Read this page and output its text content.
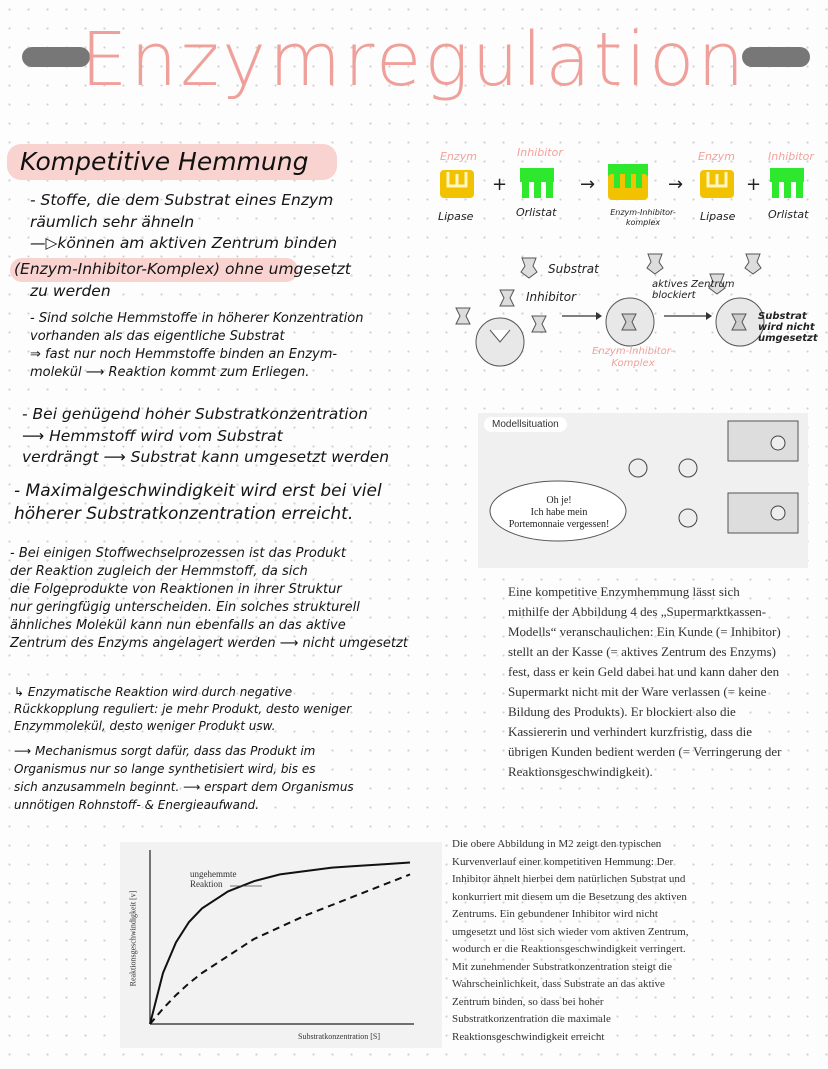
Enzymregulation
Kompetitive Hemmung
- Stoffe, die dem Substrat eines Enzym
räumlich sehr ähneln
—▷können am aktiven Zentrum binden
(Enzym-Inhibitor-Komplex) ohne umgesetzt
zu werden
- Sind solche Hemmstoffe in höherer Konzentration
vorhanden als das eigentliche Substrat
⇒ fast nur noch Hemmstoffe binden an Enzym-
molekül ⟶ Reaktion kommt zum Erliegen.
- Bei genügend hoher Substratkonzentration
⟶ Hemmstoff wird vom Substrat
verdrängt ⟶ Substrat kann umgesetzt werden
- Maximalgeschwindigkeit wird erst bei viel
höherer Substratkonzentration erreicht.
- Bei einigen Stoffwechselprozessen ist das Produkt
der Reaktion zugleich der Hemmstoff, da sich
die Folgeprodukte von Reaktionen in ihrer Struktur
nur geringfügig unterscheiden. Ein solches strukturell
ähnliches Molekül kann nun ebenfalls an das aktive
Zentrum des Enzyms angelagert werden ⟶ nicht umgesetzt
↳ Enzymatische Reaktion wird durch negative
Rückkopplung reguliert: je mehr Produkt, desto weniger
Enzymmolekül, desto weniger Produkt usw.
⟶ Mechanismus sorgt dafür, dass das Produkt im
Organismus nur so lange synthetisiert wird, bis es
sich anzusammeln beginnt. ⟶ erspart dem Organismus
unnötigen Rohnstoff- & Energieaufwand.
Enzym	Inhibitor	Enzym	Inhibitor
+	→	→	+
Lipase	Orlistat	Enzym-Inhibitor-
komplex	Lipase	Orlistat
Substrat
Inhibitor
aktives Zentrum
blockiert
Enzym-Inhibitor-
Komplex
Substrat
wird nicht
umgesetzt
Modellsituation
Oh je!
Ich habe mein
Portemonnaie vergessen!
Eine kompetitive Enzymhemmung lässt sich mithilfe der Abbildung 4 des „Supermarktkassen-Modells“ veranschaulichen: Ein Kunde (= Inhibitor) stellt an der Kasse (= aktives Zentrum des Enzyms) fest, dass er kein Geld dabei hat und kann daher den Supermarkt nicht mit der Ware verlassen (= keine Bildung des Produkts). Er blockiert also die Kassiererin und verhindert kurzfristig, dass die übrigen Kunden bedient werden (= Verringerung der Reaktionsgeschwindigkeit).
ungehemmte
Reaktion
Substratkonzentration [S]
Reaktionsgeschwindigkeit [v]
Die obere Abbildung in M2 zeigt den typischen Kurvenverlauf einer kompetitiven Hemmung: Der Inhibitor ähnelt hierbei dem natürlichen Substrat und konkurriert mit diesem um die Besetzung des aktiven Zentrums. Ein gebundener Inhibitor wird nicht umgesetzt und löst sich wieder vom aktiven Zentrum, wodurch er die Reaktionsgeschwindigkeit verringert. Mit zunehmender Substratkonzentration steigt die Wahrscheinlichkeit, dass Substrate an das aktive Zentrum binden, so dass bei hoher Substratkonzentration die maximale Reaktionsgeschwindigkeit erreicht
